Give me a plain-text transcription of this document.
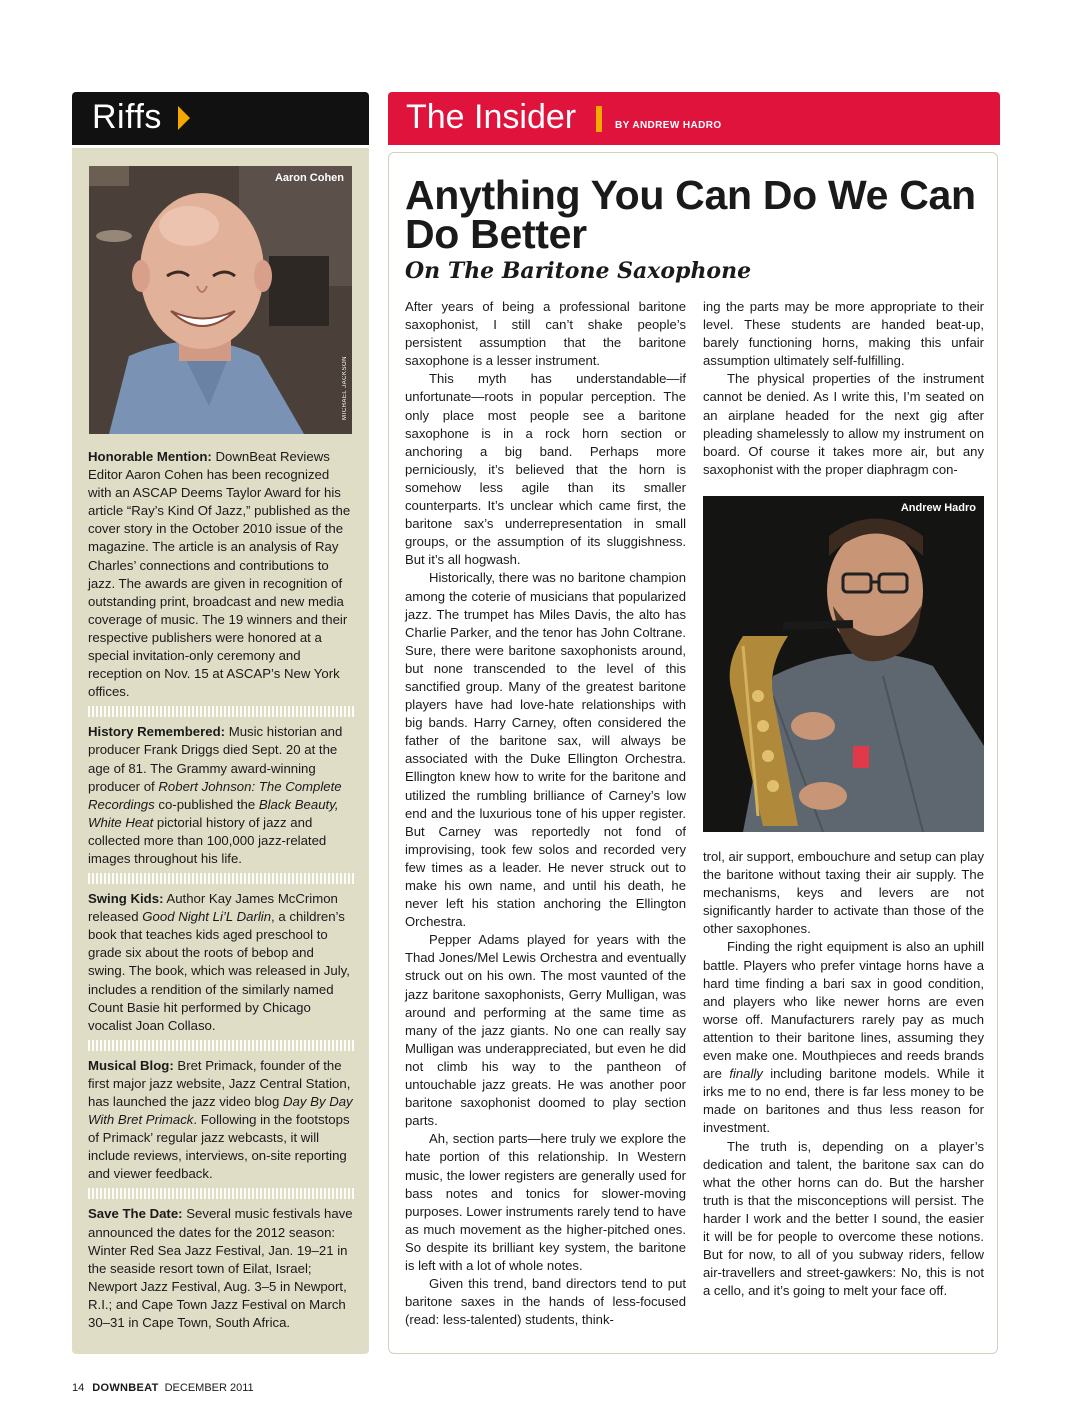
Riffs
Aaron Cohen
MICHAEL JACKSON
Honorable Mention: DownBeat Reviews Editor Aaron Cohen has been recognized with an ASCAP Deems Taylor Award for his article “Ray’s Kind Of Jazz,” published as the cover story in the October 2010 issue of the magazine. The article is an analysis of Ray Charles’ connections and contributions to jazz. The awards are given in recognition of outstanding print, broadcast and new media coverage of music. The 19 winners and their respective publishers were honored at a special invitation-only ceremony and reception on Nov. 15 at ASCAP’s New York offices.
History Remembered: Music historian and producer Frank Driggs died Sept. 20 at the age of 81. The Grammy award-winning producer of Robert Johnson: The Complete Recordings co-published the Black Beauty, White Heat pictorial history of jazz and collected more than 100,000 jazz-related images throughout his life.
Swing Kids: Author Kay James McCrimon released Good Night Li’L Darlin, a children’s book that teaches kids aged preschool to grade six about the roots of bebop and swing. The book, which was released in July, includes a rendition of the similarly named Count Basie hit performed by Chicago vocalist Joan Collaso.
Musical Blog: Bret Primack, founder of the first major jazz website, Jazz Central Station, has launched the jazz video blog Day By Day With Bret Primack. Following in the footstops of Primack’ regular jazz webcasts, it will include reviews, interviews, on-site reporting and viewer feedback.
Save The Date: Several music festivals have announced the dates for the 2012 season: Winter Red Sea Jazz Festival, Jan. 19–21 in the seaside resort town of Eilat, Israel; Newport Jazz Festival, Aug. 3–5 in Newport, R.I.; and Cape Town Jazz Festival on March 30–31 in Cape Town, South Africa.
The Insider	BY ANDREW HADRO
Anything You Can Do We Can Do Better
On The Baritone Saxophone

After years of being a professional baritone saxophonist, I still can’t shake people’s persistent assumption that the baritone saxophone is a lesser instrument.

This myth has understandable—if unfortunate—roots in popular perception. The only place most people see a baritone saxophone is in a rock horn section or anchoring a big band. Perhaps more perniciously, it’s believed that the horn is somehow less agile than its smaller counterparts. It’s unclear which came first, the baritone sax’s underrepresentation in small groups, or the assumption of its sluggishness. But it’s all hogwash.

Historically, there was no baritone champion among the coterie of musicians that popularized jazz. The trumpet has Miles Davis, the alto has Charlie Parker, and the tenor has John Coltrane. Sure, there were baritone saxophonists around, but none transcended to the level of this sanctified group. Many of the greatest baritone players have had love-hate relationships with big bands. Harry Carney, often considered the father of the baritone sax, will always be associated with the Duke Ellington Orchestra. Ellington knew how to write for the baritone and utilized the rumbling brilliance of Carney’s low end and the luxurious tone of his upper register. But Carney was reportedly not fond of improvising, took few solos and recorded very few times as a leader. He never struck out to make his own name, and until his death, he never left his station anchoring the Ellington Orchestra.

Pepper Adams played for years with the Thad Jones/Mel Lewis Orchestra and eventually struck out on his own. The most vaunted of the jazz baritone saxophonists, Gerry Mulligan, was around and performing at the same time as many of the jazz giants. No one can really say Mulligan was underappreciated, but even he did not climb his way to the pantheon of untouchable jazz greats. He was another poor baritone saxophonist doomed to play section parts.

Ah, section parts—here truly we explore the hate portion of this relationship. In Western music, the lower registers are generally used for bass notes and tonics for slower-moving purposes. Lower instruments rarely tend to have as much movement as the higher-pitched ones. So despite its brilliant key system, the baritone is left with a lot of whole notes.

Given this trend, band directors tend to put baritone saxes in the hands of less-focused (read: less-talented) students, think-

ing the parts may be more appropriate to their level. These students are handed beat-up, barely functioning horns, making this unfair assumption ultimately self-fulfilling.

The physical properties of the instrument cannot be denied. As I write this, I’m seated on an airplane headed for the next gig after pleading shamelessly to allow my instrument on board. Of course it takes more air, but any saxophonist with the proper diaphragm con-

Andrew Hadro

trol, air support, embouchure and setup can play the baritone without taxing their air supply. The mechanisms, keys and levers are not significantly harder to activate than those of the other saxophones.

Finding the right equipment is also an uphill battle. Players who prefer vintage horns have a hard time finding a bari sax in good condition, and players who like newer horns are even worse off. Manufacturers rarely pay as much attention to their baritone lines, assuming they even make one. Mouthpieces and reeds brands are finally including baritone models. While it irks me to no end, there is far less money to be made on baritones and thus less reason for investment.

The truth is, depending on a player’s dedication and talent, the baritone sax can do what the other horns can do. But the harsher truth is that the misconceptions will persist. The harder I work and the better I sound, the easier it will be for people to overcome these notions. But for now, to all of you subway riders, fellow air-travellers and street-gawkers: No, this is not a cello, and it’s going to melt your face off.

14 DOWNBEAT DECEMBER 2011
